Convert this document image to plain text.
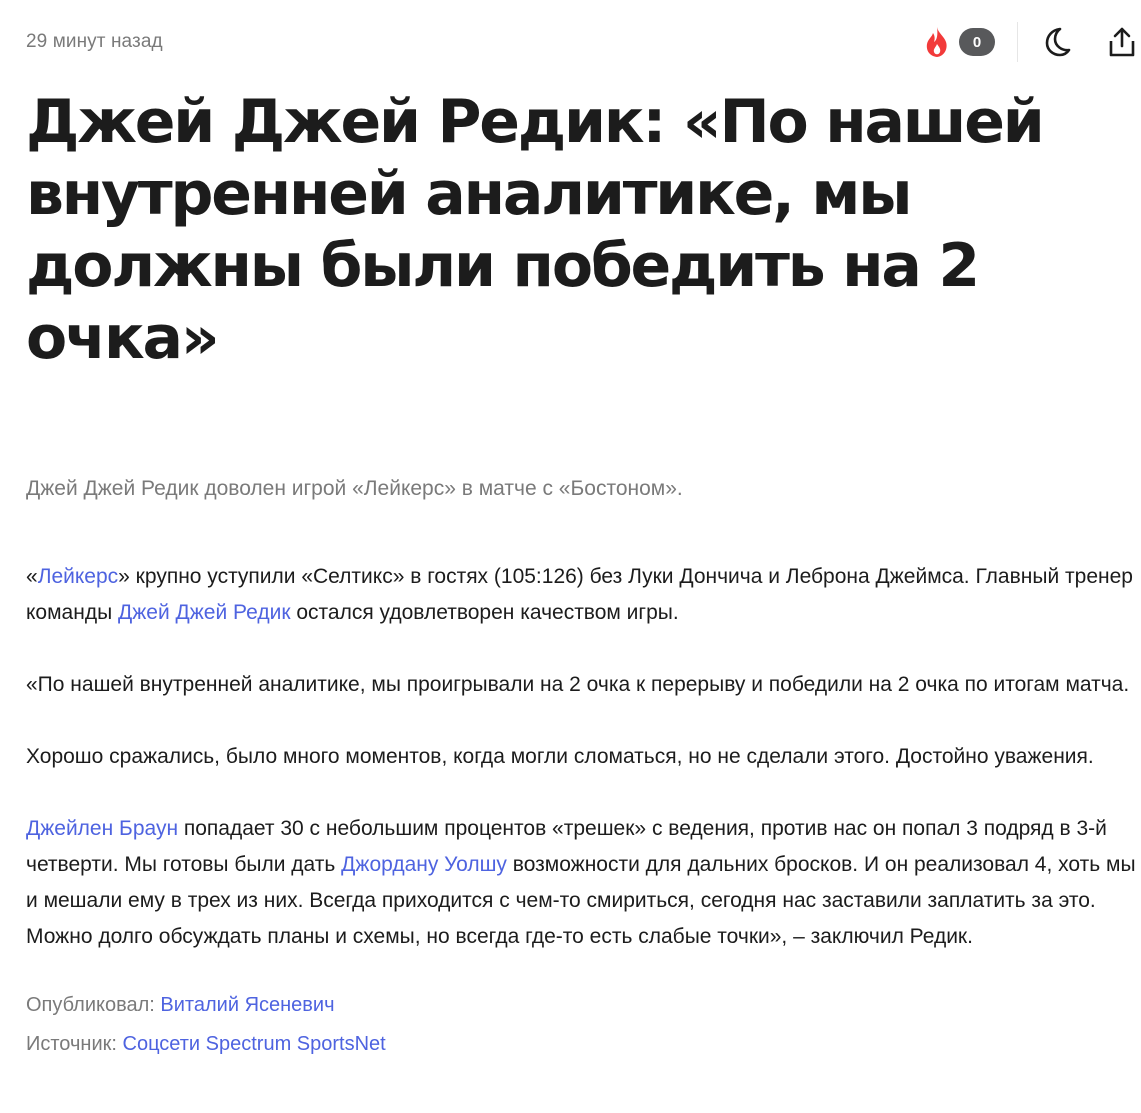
29 минут назад	0
Джей Джей Редик: «По нашей внутренней аналитике, мы должны были победить на 2 очка»
Джей Джей Редик доволен игрой «Лейкерс» в матче с «Бостоном».

«Лейкерс» крупно уступили «Селтикс» в гостях (105:126) без Луки Дончича и Леброна Джеймса. Главный тренер команды Джей Джей Редик остался удовлетворен качеством игры.

«По нашей внутренней аналитике, мы проигрывали на 2 очка к перерыву и победили на 2 очка по итогам матча.

Хорошо сражались, было много моментов, когда могли сломаться, но не сделали этого. Достойно уважения.

Джейлен Браун попадает 30 с небольшим процентов «трешек» с ведения, против нас он попал 3 подряд в 3-й четверти. Мы готовы были дать Джордану Уолшу возможности для дальних бросков. И он реализовал 4, хоть мы и мешали ему в трех из них. Всегда приходится с чем-то смириться, сегодня нас заставили заплатить за это. Можно долго обсуждать планы и схемы, но всегда где-то есть слабые точки», – заключил Редик.

Опубликовал: Виталий Ясеневич
Источник: Соцсети Spectrum SportsNet
